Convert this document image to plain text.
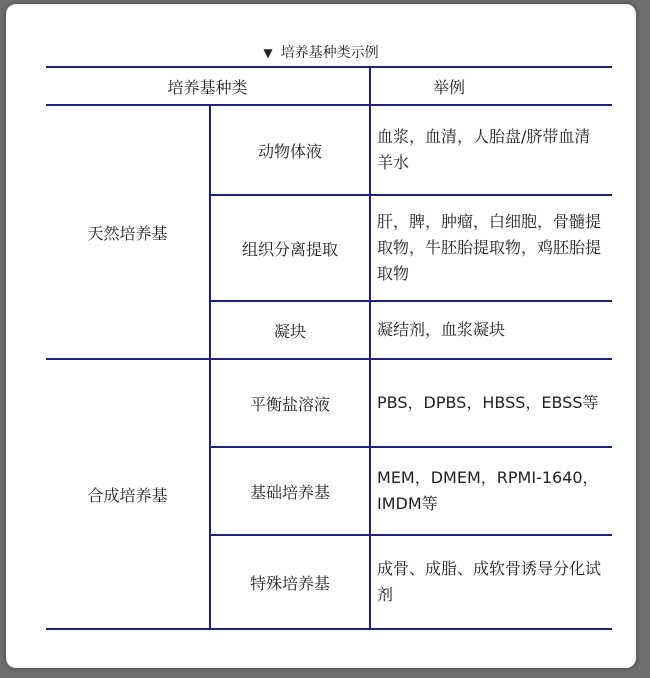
▼ 培养基种类示例
培养基种类		举例
天然培养基	动物体液	血浆，血清，人胎盘/脐带血清羊水
	组织分离提取	肝，脾，肿瘤，白细胞，骨髓提取物，牛胚胎提取物，鸡胚胎提取物
	凝块	凝结剂，血浆凝块
合成培养基	平衡盐溶液	PBS，DPBS，HBSS，EBSS等
	基础培养基	MEM，DMEM，RPMI-1640，IMDM等
	特殊培养基	成骨、成脂、成软骨诱导分化试剂
